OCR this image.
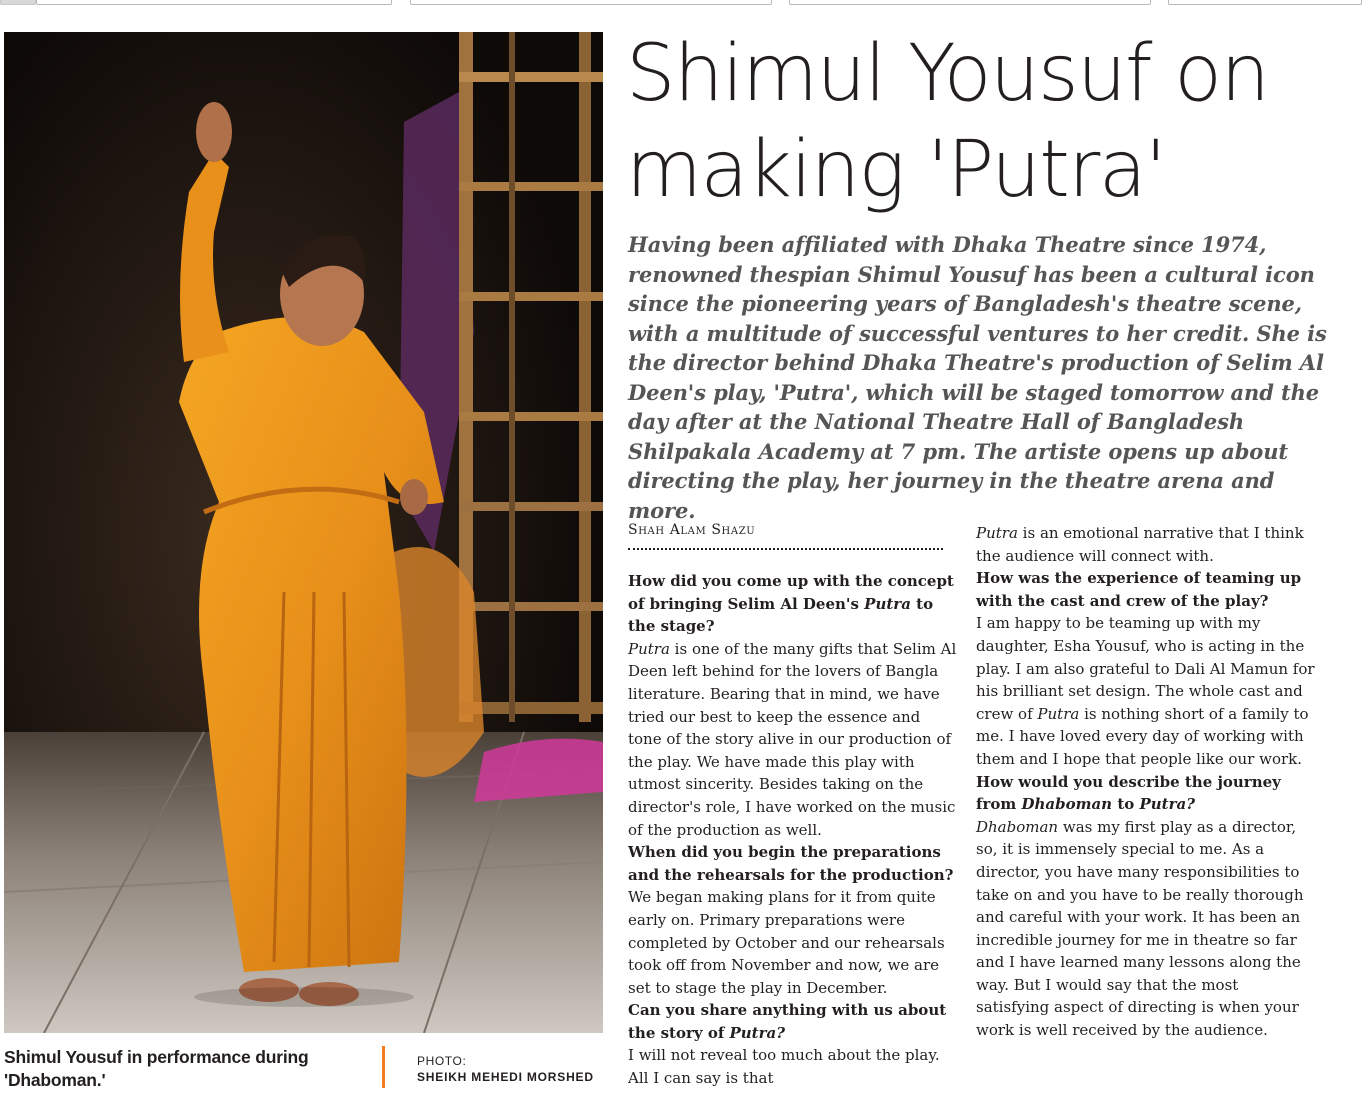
Shimul Yousuf in performance during
'Dhaboman.'
PHOTO:
SHEIKH MEHEDI MORSHED
Shimul Yousuf on
making 'Putra'

Having been affiliated with Dhaka Theatre since 1974, renowned thespian Shimul Yousuf has been a cultural icon since the pioneering years of Bangladesh's theatre scene, with a multitude of successful ventures to her credit. She is the director behind Dhaka Theatre's production of Selim Al Deen's play, 'Putra', which will be staged tomorrow and the day after at the National Theatre Hall of Bangladesh Shilpakala Academy at 7 pm. The artiste opens up about directing the play, her journey in the theatre arena and more.

Shah Alam Shazu

How did you come up with the concept of bringing Selim Al Deen's Putra to the stage?

Putra is one of the many gifts that Selim Al Deen left behind for the lovers of Bangla literature. Bearing that in mind, we have tried our best to keep the essence and tone of the story alive in our production of the play. We have made this play with utmost sincerity. Besides taking on the director's role, I have worked on the music of the production as well.

When did you begin the preparations and the rehearsals for the production?

We began making plans for it from quite early on. Primary preparations were completed by October and our rehearsals took off from November and now, we are set to stage the play in December.

Can you share anything with us about the story of Putra?

I will not reveal too much about the play. All I can say is that

Putra is an emotional narrative that I think the audience will connect with.

How was the experience of teaming up with the cast and crew of the play?

I am happy to be teaming up with my daughter, Esha Yousuf, who is acting in the play. I am also grateful to Dali Al Mamun for his brilliant set design. The whole cast and crew of Putra is nothing short of a family to me. I have loved every day of working with them and I hope that people like our work.

How would you describe the journey from Dhaboman to Putra?

Dhaboman was my first play as a director, so, it is immensely special to me. As a director, you have many responsibilities to take on and you have to be really thorough and careful with your work. It has been an incredible journey for me in theatre so far and I have learned many lessons along the way. But I would say that the most satisfying aspect of directing is when your work is well received by the audience.
